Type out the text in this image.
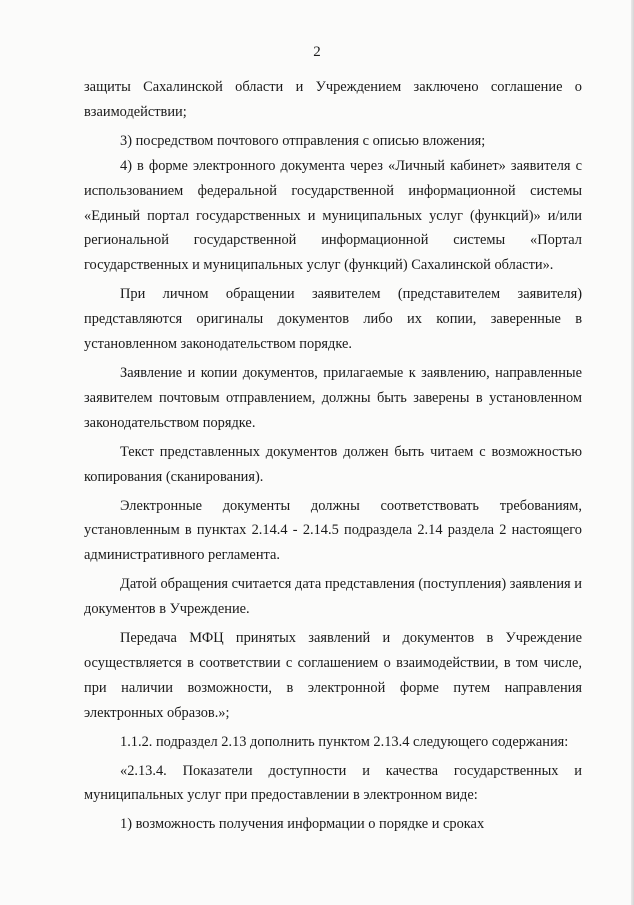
2

защиты Сахалинской области и Учреждением заключено соглашение о взаимодействии;

3) посредством почтового отправления с описью вложения;

4) в форме электронного документа через «Личный кабинет» заявителя с использованием федеральной государственной информационной системы «Единый портал государственных и муниципальных услуг (функций)» и/или региональной государственной информационной системы «Портал государственных и муниципальных услуг (функций) Сахалинской области».

При личном обращении заявителем (представителем заявителя) представляются оригиналы документов либо их копии, заверенные в установленном законодательством порядке.

Заявление и копии документов, прилагаемые к заявлению, направленные заявителем почтовым отправлением, должны быть заверены в установленном законодательством порядке.

Текст представленных документов должен быть читаем с возможностью копирования (сканирования).

Электронные документы должны соответствовать требованиям, установленным в пунктах 2.14.4 - 2.14.5 подраздела 2.14 раздела 2 настоящего административного регламента.

Датой обращения считается дата представления (поступления) заявления и документов в Учреждение.

Передача МФЦ принятых заявлений и документов в Учреждение осуществляется в соответствии с соглашением о взаимодействии, в том числе, при наличии возможности, в электронной форме путем направления электронных образов.»;

1.1.2. подраздел 2.13 дополнить пунктом 2.13.4 следующего содержания:

«2.13.4. Показатели доступности и качества государственных и муниципальных услуг при предоставлении в электронном виде:

1) возможность получения информации о порядке и сроках
